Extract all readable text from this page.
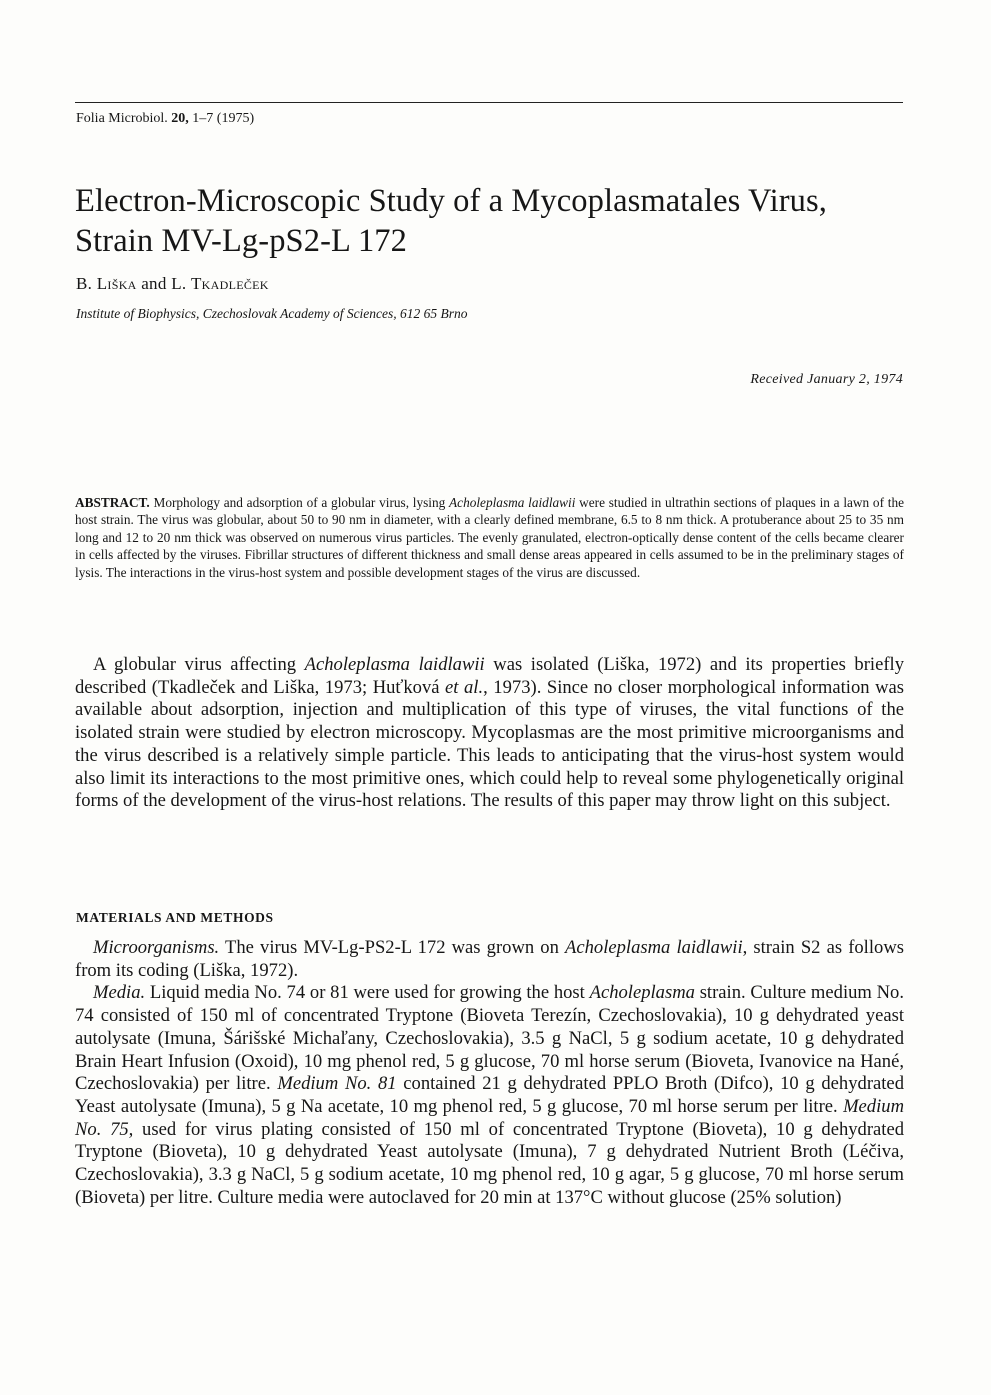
Folia Microbiol. 20, 1–7 (1975)
Electron-Microscopic Study of a Mycoplasmatales Virus, Strain MV-Lg-pS2-L 172
B. Liška and L. Tkadleček
Institute of Biophysics, Czechoslovak Academy of Sciences, 612 65 Brno
Received January 2, 1974

ABSTRACT. Morphology and adsorption of a globular virus, lysing Acholeplasma laidlawii were studied in ultrathin sections of plaques in a lawn of the host strain. The virus was globular, about 50 to 90 nm in diameter, with a clearly defined membrane, 6.5 to 8 nm thick. A protuberance about 25 to 35 nm long and 12 to 20 nm thick was observed on numerous virus particles. The evenly granulated, electron-optically dense content of the cells became clearer in cells affected by the viruses. Fibrillar structures of different thickness and small dense areas appeared in cells assumed to be in the preliminary stages of lysis. The interactions in the virus-host system and possible development stages of the virus are discussed.

A globular virus affecting Acholeplasma laidlawii was isolated (Liška, 1972) and its properties briefly described (Tkadleček and Liška, 1973; Huťková et al., 1973). Since no closer morphological information was available about adsorption, injection and multiplication of this type of viruses, the vital functions of the isolated strain were studied by electron microscopy. Mycoplasmas are the most primitive microorganisms and the virus described is a relatively simple particle. This leads to anticipating that the virus-host system would also limit its interactions to the most primitive ones, which could help to reveal some phylogenetically original forms of the development of the virus-host relations. The results of this paper may throw light on this subject.

MATERIALS AND METHODS

Microorganisms. The virus MV-Lg-PS2-L 172 was grown on Acholeplasma laidlawii, strain S2 as follows from its coding (Liška, 1972).

Media. Liquid media No. 74 or 81 were used for growing the host Acholeplasma strain. Culture medium No. 74 consisted of 150 ml of concentrated Tryptone (Bioveta Terezín, Czechoslovakia), 10 g dehydrated yeast autolysate (Imuna, Šárišské Michaľany, Czechoslovakia), 3.5 g NaCl, 5 g sodium acetate, 10 g dehydrated Brain Heart Infusion (Oxoid), 10 mg phenol red, 5 g glucose, 70 ml horse serum (Bioveta, Ivanovice na Hané, Czechoslovakia) per litre. Medium No. 81 contained 21 g dehydrated PPLO Broth (Difco), 10 g dehydrated Yeast autolysate (Imuna), 5 g Na acetate, 10 mg phenol red, 5 g glucose, 70 ml horse serum per litre. Medium No. 75, used for virus plating consisted of 150 ml of concentrated Tryptone (Bioveta), 10 g dehydrated Tryptone (Bioveta), 10 g dehydrated Yeast autolysate (Imuna), 7 g dehydrated Nutrient Broth (Léčiva, Czechoslovakia), 3.3 g NaCl, 5 g sodium acetate, 10 mg phenol red, 10 g agar, 5 g glucose, 70 ml horse serum (Bioveta) per litre. Culture media were autoclaved for 20 min at 137°C without glucose (25% solution)
